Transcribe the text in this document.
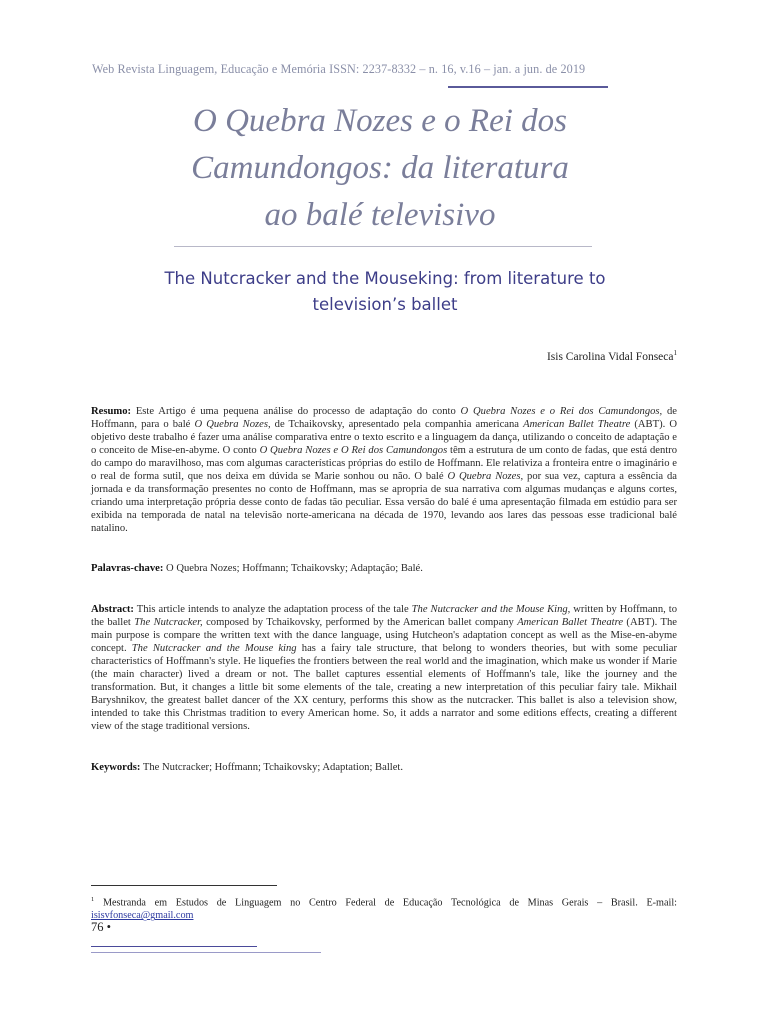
Web Revista Linguagem, Educação e Memória ISSN: 2237-8332 – n. 16, v.16 – jan. a jun. de 2019
O Quebra Nozes e o Rei dos
Camundongos: da literatura
ao balé televisivo
The Nutcracker and the Mouseking: from literature to
television’s ballet
Isis Carolina Vidal Fonseca$^1$
Resumo: Este Artigo é uma pequena análise do processo de adaptação do conto O Quebra Nozes e o Rei dos Camundongos, de Hoffmann, para o balé O Quebra Nozes, de Tchaikovsky, apresentado pela companhia americana American Ballet Theatre (ABT). O objetivo deste trabalho é fazer uma análise comparativa entre o texto escrito e a linguagem da dança, utilizando o conceito de adaptação e o conceito de Mise-en-abyme. O conto O Quebra Nozes e O Rei dos Camundongos têm a estrutura de um conto de fadas, que está dentro do campo do maravilhoso, mas com algumas características próprias do estilo de Hoffmann. Ele relativiza a fronteira entre o imaginário e o real de forma sutil, que nos deixa em dúvida se Marie sonhou ou não. O balé O Quebra Nozes, por sua vez, captura a essência da jornada e da transformação presentes no conto de Hoffmann, mas se apropria de sua narrativa com algumas mudanças e alguns cortes, criando uma interpretação própria desse conto de fadas tão peculiar. Essa versão do balé é uma apresentação filmada em estúdio para ser exibida na temporada de natal na televisão norte-americana na década de 1970, levando aos lares das pessoas esse tradicional balé natalino.
Palavras-chave: O Quebra Nozes; Hoffmann; Tchaikovsky; Adaptação; Balé.
Abstract: This article intends to analyze the adaptation process of the tale The Nutcracker and the Mouse King, written by Hoffmann, to the ballet The Nutcracker, composed by Tchaikovsky, performed by the American ballet company American Ballet Theatre (ABT). The main purpose is compare the written text with the dance language, using Hutcheon's adaptation concept as well as the Mise-en-abyme concept. The Nutcracker and the Mouse king has a fairy tale structure, that belong to wonders theories, but with some peculiar characteristics of Hoffmann's style. He liquefies the frontiers between the real world and the imagination, which make us wonder if Marie (the main character) lived a dream or not. The ballet captures essential elements of Hoffmann's tale, like the journey and the transformation. But, it changes a little bit some elements of the tale, creating a new interpretation of this peculiar fairy tale. Mikhail Baryshnikov, the greatest ballet dancer of the XX century, performs this show as the nutcracker. This ballet is also a television show, intended to take this Christmas tradition to every American home. So, it adds a narrator and some editions effects, creating a different view of the stage traditional versions.
Keywords: The Nutcracker; Hoffmann; Tchaikovsky; Adaptation; Ballet.
$^1$ Mestranda em Estudos de Linguagem no Centro Federal de Educação Tecnológica de Minas Gerais – Brasil. E-mail: isisvfonseca@gmail.com
76 •
